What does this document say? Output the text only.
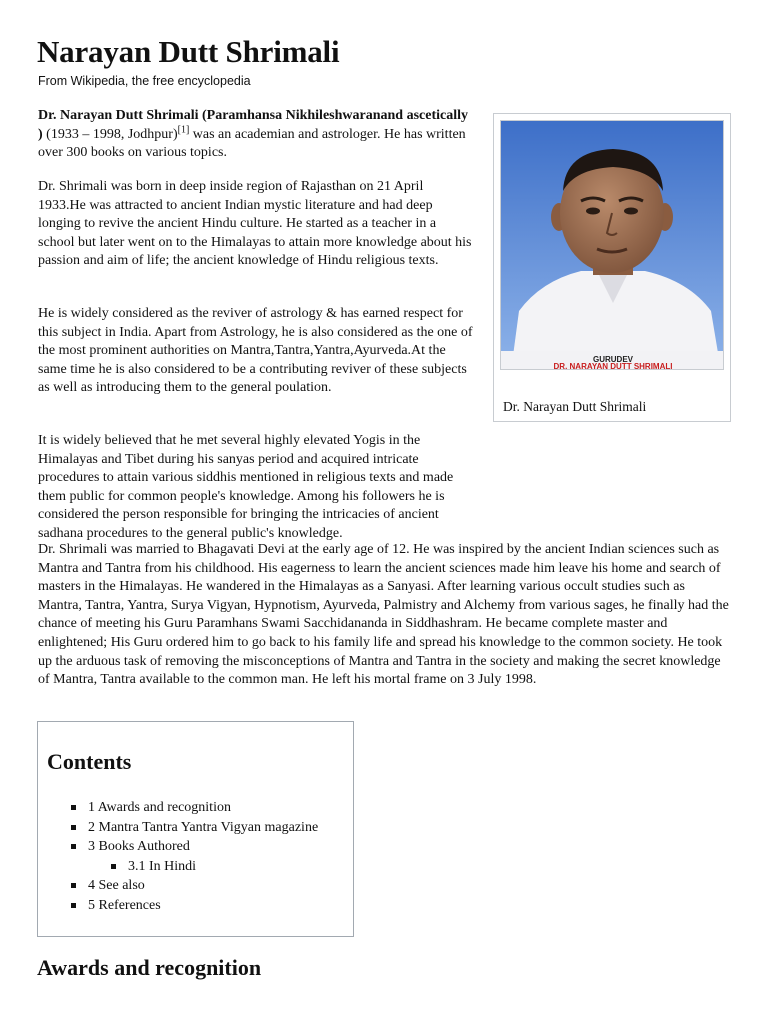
Narayan Dutt Shrimali
From Wikipedia, the free encyclopedia

Dr. Narayan Dutt Shrimali (Paramhansa Nikhileshwaranand ascetically ) (1933 – 1998, Jodhpur)[1] was an academian and astrologer. He has written over 300 books on various topics.

Dr. Shrimali was born in deep inside region of Rajasthan on 21 April 1933.He was attracted to ancient Indian mystic literature and had deep longing to revive the ancient Hindu culture. He started as a teacher in a school but later went on to the Himalayas to attain more knowledge about his passion and aim of life; the ancient knowledge of Hindu religious texts.

He is widely considered as the reviver of astrology & has earned respect for this subject in India. Apart from Astrology, he is also considered as the one of the most prominent authorities on Mantra,Tantra,Yantra,Ayurveda.At the same time he is also considered to be a contributing reviver of these subjects as well as introducing them to the general poulation.

It is widely believed that he met several highly elevated Yogis in the Himalayas and Tibet during his sanyas period and acquired intricate procedures to attain various siddhis mentioned in religious texts and made them public for common people's knowledge. Among his followers he is considered the person responsible for bringing the intricacies of ancient sadhana procedures to the general public's knowledge.

Dr. Shrimali was married to Bhagavati Devi at the early age of 12. He was inspired by the ancient Indian sciences such as Mantra and Tantra from his childhood. His eagerness to learn the ancient sciences made him leave his home and search of masters in the Himalayas. He wandered in the Himalayas as a Sanyasi. After learning various occult studies such as Mantra, Tantra, Yantra, Surya Vigyan, Hypnotism, Ayurveda, Palmistry and Alchemy from various sages, he finally had the chance of meeting his Guru Paramhans Swami Sacchidananda in Siddhashram. He became complete master and enlightened; His Guru ordered him to go back to his family life and spread his knowledge to the common society. He took up the arduous task of removing the misconceptions of Mantra and Tantra in the society and making the secret knowledge of Mantra, Tantra available to the common man. He left his mortal frame on 3 July 1998.

GURUDEV
DR. NARAYAN DUTT SHRIMALI
Dr. Narayan Dutt Shrimali
Contents
1 Awards and recognition
2 Mantra Tantra Yantra Vigyan magazine
3 Books Authored
3.1 In Hindi
4 See also
5 References
Awards and recognition
